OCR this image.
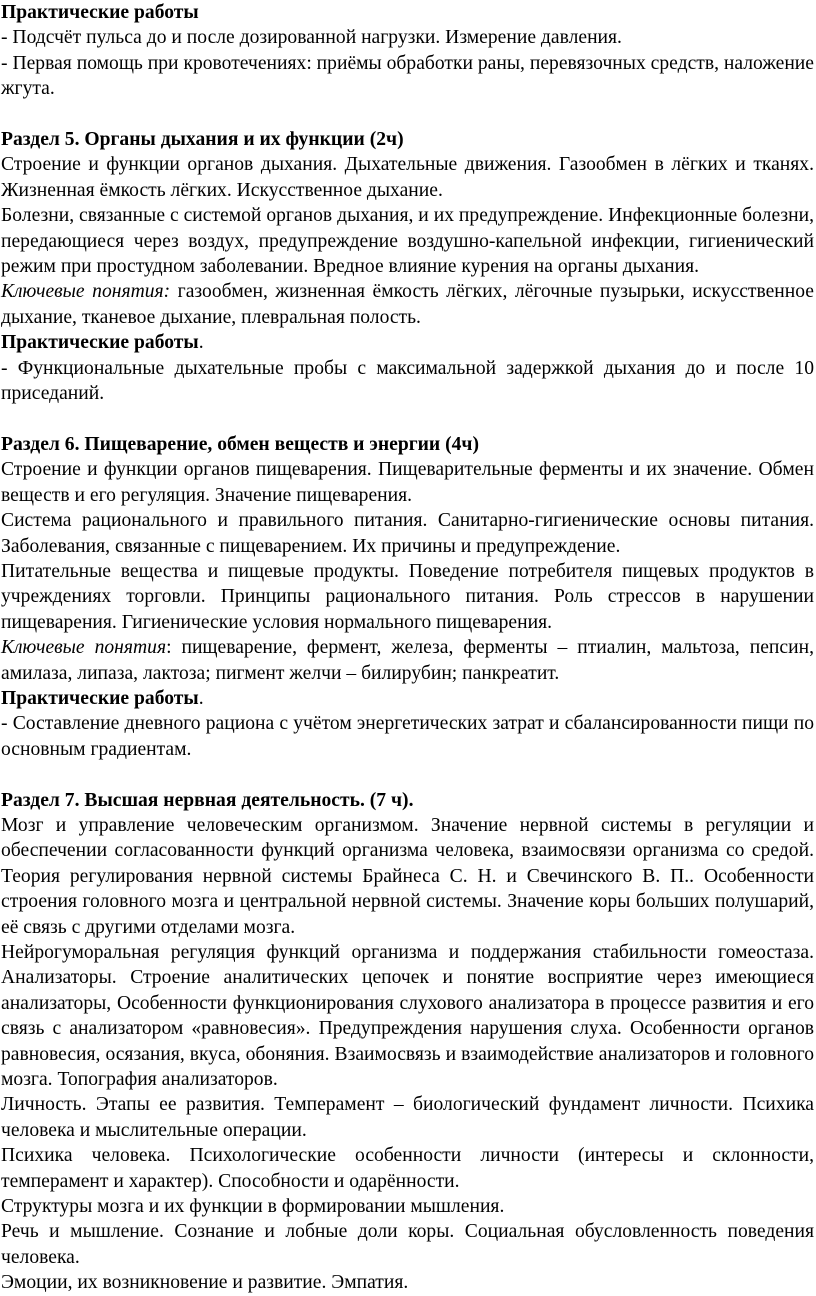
Практические работы

- Подсчёт пульса до и после дозированной нагрузки. Измерение давления.

- Первая помощь при кровотечениях: приёмы обработки раны, перевязочных средств, наложение жгута.

Раздел 5. Органы дыхания и их функции (2ч)

Строение и функции органов дыхания. Дыхательные движения. Газообмен в лёгких и тканях. Жизненная ёмкость лёгких. Искусственное дыхание.

Болезни, связанные с системой органов дыхания, и их предупреждение. Инфекционные болезни, передающиеся через воздух, предупреждение воздушно-капельной инфекции, гигиенический режим при простудном заболевании. Вредное влияние курения на органы дыхания.

Ключевые понятия: газообмен, жизненная ёмкость лёгких, лёгочные пузырьки, искусственное дыхание, тканевое дыхание, плевральная полость.

Практические работы.

- Функциональные дыхательные пробы с максимальной задержкой дыхания до и после 10 приседаний.

Раздел 6. Пищеварение, обмен веществ и энергии (4ч)

Строение и функции органов пищеварения. Пищеварительные ферменты и их значение. Обмен веществ и его регуляция. Значение пищеварения.

Система рационального и правильного питания. Санитарно-гигиенические основы питания. Заболевания, связанные с пищеварением. Их причины и предупреждение.

Питательные вещества и пищевые продукты. Поведение потребителя пищевых продуктов в учреждениях торговли. Принципы рационального питания. Роль стрессов в нарушении пищеварения. Гигиенические условия нормального пищеварения.

Ключевые понятия: пищеварение, фермент, железа, ферменты – птиалин, мальтоза, пепсин, амилаза, липаза, лактоза; пигмент желчи – билирубин; панкреатит.

Практические работы.

- Составление дневного рациона с учётом энергетических затрат и сбалансированности пищи по основным градиентам.

Раздел 7. Высшая нервная деятельность. (7 ч).

Мозг и управление человеческим организмом. Значение нервной системы в регуляции и обеспечении согласованности функций организма человека, взаимосвязи организма со средой. Теория регулирования нервной системы Брайнеса С. Н. и Свечинского В. П.. Особенности строения головного мозга и центральной нервной системы. Значение коры больших полушарий, её связь с другими отделами мозга.

Нейрогуморальная регуляция функций организма и поддержания стабильности гомеостаза. Анализаторы. Строение аналитических цепочек и понятие восприятие через имеющиеся анализаторы, Особенности функционирования слухового анализатора в процессе развития и его связь с анализатором «равновесия». Предупреждения нарушения слуха. Особенности органов равновесия, осязания, вкуса, обоняния. Взаимосвязь и взаимодействие анализаторов и головного мозга. Топография анализаторов.

Личность. Этапы ее развития. Темперамент – биологический фундамент личности. Психика человека и мыслительные операции.

Психика человека. Психологические особенности личности (интересы и склонности, темперамент и характер). Способности и одарённости.

Структуры мозга и их функции в формировании мышления.

Речь и мышление. Сознание и лобные доли коры. Социальная обусловленность поведения человека.

Эмоции, их возникновение и развитие. Эмпатия.
